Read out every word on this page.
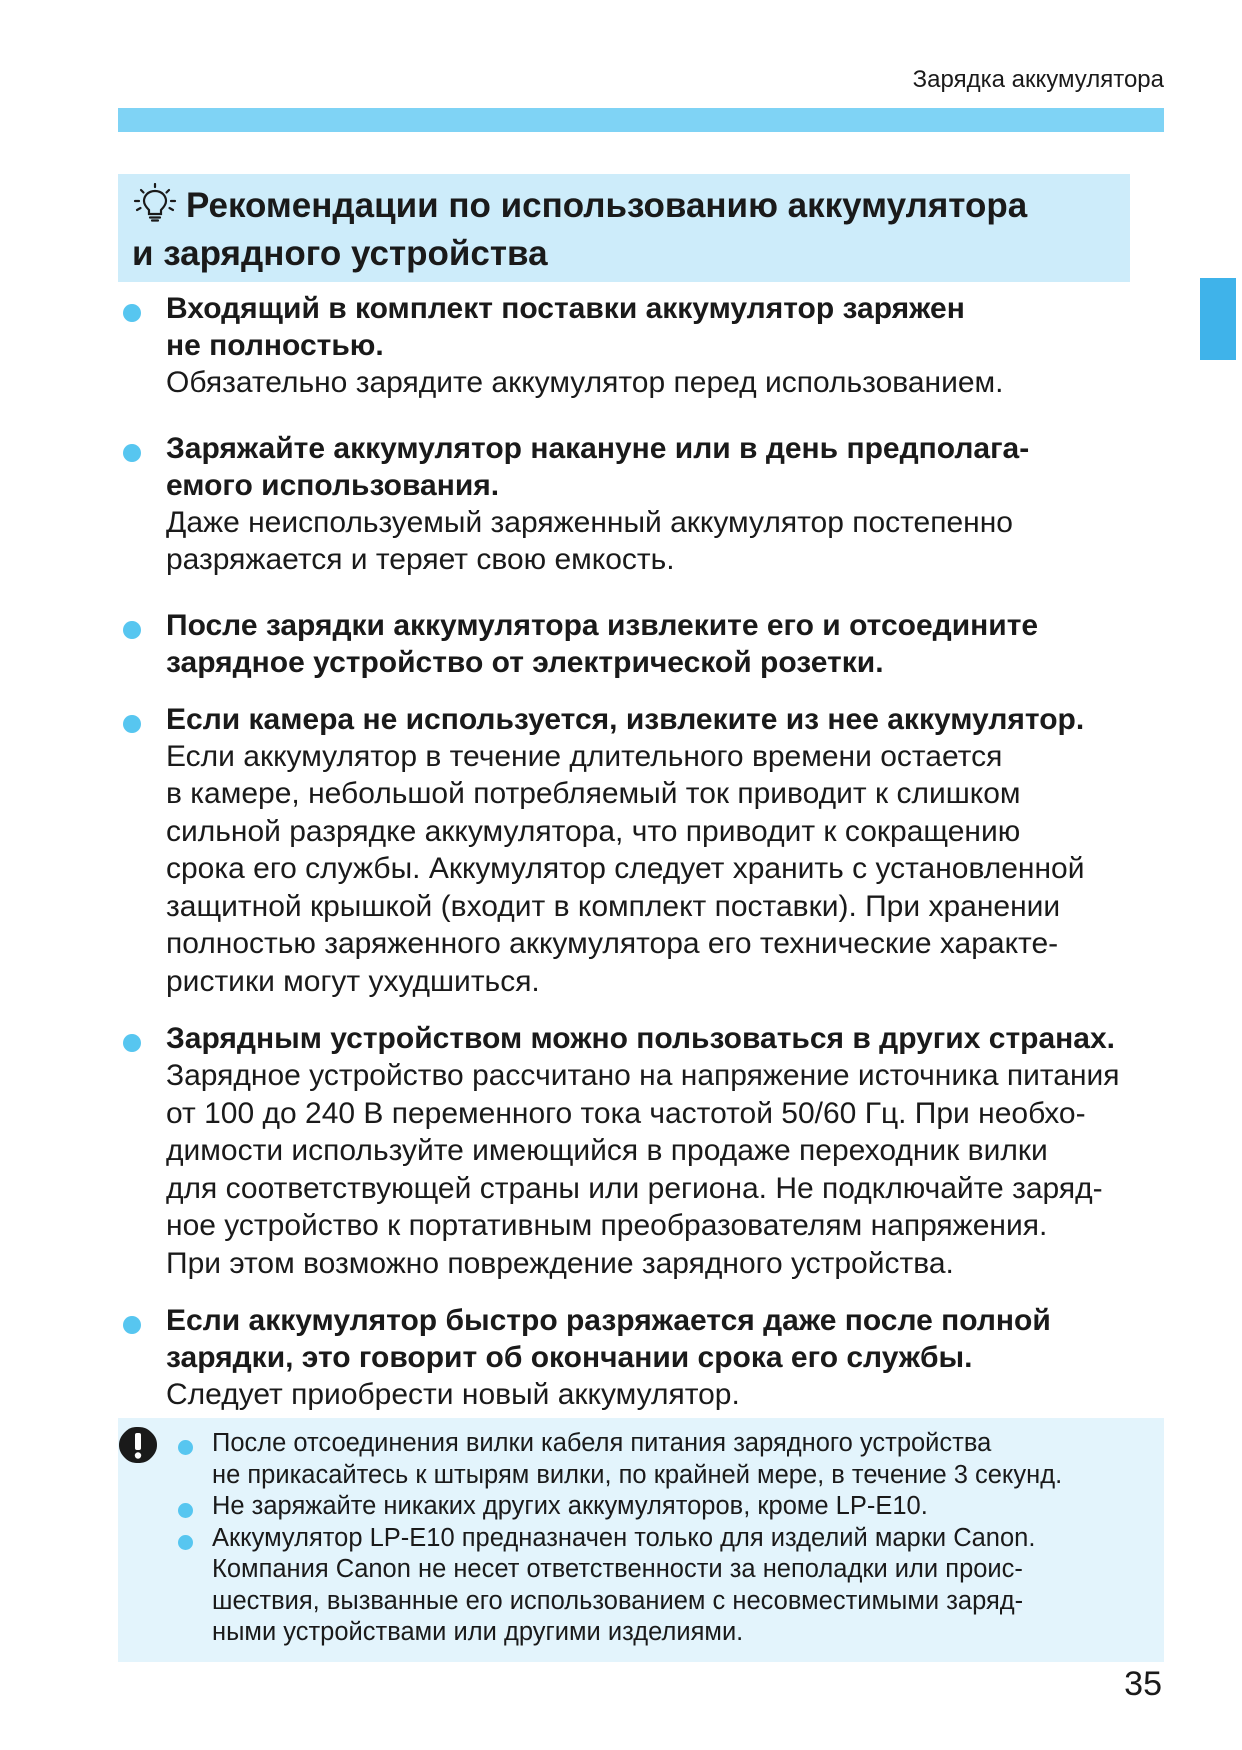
Зарядка аккумулятора
Рекомендации по использованию аккумулятора
и зарядного устройства
Входящий в комплект поставки аккумулятор заряжен
не полностью.
Обязательно зарядите аккумулятор перед использованием.
Заряжайте аккумулятор накануне или в день предполага-
емого использования.
Даже неиспользуемый заряженный аккумулятор постепенно
разряжается и теряет свою емкость.
После зарядки аккумулятора извлеките его и отсоедините
зарядное устройство от электрической розетки.
Если камера не используется, извлеките из нее аккумулятор.
Если аккумулятор в течение длительного времени остается
в камере, небольшой потребляемый ток приводит к слишком
сильной разрядке аккумулятора, что приводит к сокращению
срока его службы. Аккумулятор следует хранить с установленной
защитной крышкой (входит в комплект поставки). При хранении
полностью заряженного аккумулятора его технические характе-
ристики могут ухудшиться.
Зарядным устройством можно пользоваться в других странах.
Зарядное устройство рассчитано на напряжение источника питания
от 100 до 240 В переменного тока частотой 50/60 Гц. При необхо-
димости используйте имеющийся в продаже переходник вилки
для соответствующей страны или региона. Не подключайте заряд-
ное устройство к портативным преобразователям напряжения.
При этом возможно повреждение зарядного устройства.
Если аккумулятор быстро разряжается даже после полной
зарядки, это говорит об окончании срока его службы.
Следует приобрести новый аккумулятор.
После отсоединения вилки кабеля питания зарядного устройства
не прикасайтесь к штырям вилки, по крайней мере, в течение 3 секунд.
Не заряжайте никаких других аккумуляторов, кроме LP-E10.
Аккумулятор LP-E10 предназначен только для изделий марки Canon.
Компания Canon не несет ответственности за неполадки или проис-
шествия, вызванные его использованием с несовместимыми заряд-
ными устройствами или другими изделиями.
35
